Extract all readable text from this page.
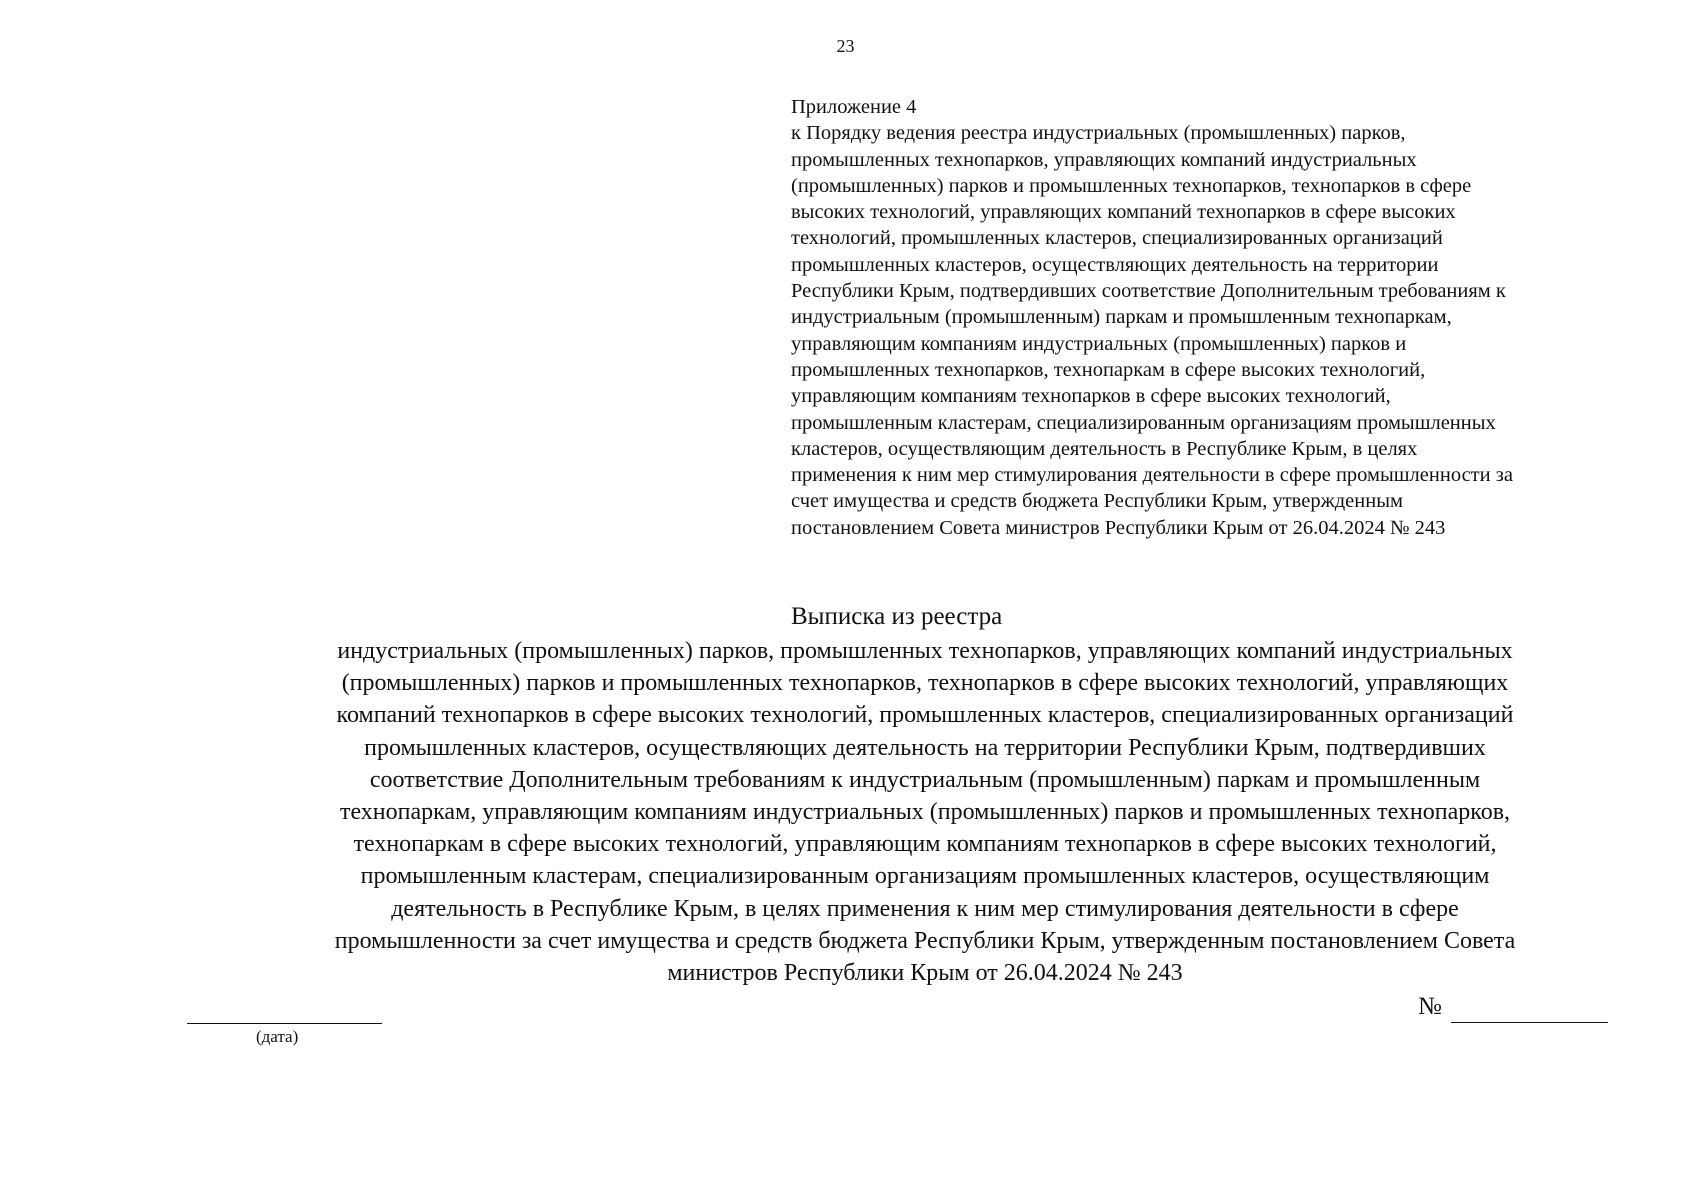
23
Приложение 4
к Порядку ведения реестра индустриальных (промышленных) парков,
промышленных технопарков, управляющих компаний индустриальных
(промышленных) парков и промышленных технопарков, технопарков в сфере
высоких технологий, управляющих компаний технопарков в сфере высоких
технологий, промышленных кластеров, специализированных организаций
промышленных кластеров, осуществляющих деятельность на территории
Республики Крым, подтвердивших соответствие Дополнительным требованиям к
индустриальным (промышленным) паркам и промышленным технопаркам,
управляющим компаниям индустриальных (промышленных) парков и
промышленных технопарков, технопаркам в сфере высоких технологий,
управляющим компаниям технопарков в сфере высоких технологий,
промышленным кластерам, специализированным организациям промышленных
кластеров, осуществляющим деятельность в Республике Крым, в целях
применения к ним мер стимулирования деятельности в сфере промышленности за
счет имущества и средств бюджета Республики Крым, утвержденным
постановлением Совета министров Республики Крым от 26.04.2024 № 243
Выписка из реестра
индустриальных (промышленных) парков, промышленных технопарков, управляющих компаний индустриальных
(промышленных) парков и промышленных технопарков, технопарков в сфере высоких технологий, управляющих
компаний технопарков в сфере высоких технологий, промышленных кластеров, специализированных организаций
промышленных кластеров, осуществляющих деятельность на территории Республики Крым, подтвердивших
соответствие Дополнительным требованиям к индустриальным (промышленным) паркам и промышленным
технопаркам, управляющим компаниям индустриальных (промышленных) парков и промышленных технопарков,
технопаркам в сфере высоких технологий, управляющим компаниям технопарков в сфере высоких технологий,
промышленным кластерам, специализированным организациям промышленных кластеров, осуществляющим
деятельность в Республике Крым, в целях применения к ним мер стимулирования деятельности в сфере
промышленности за счет имущества и средств бюджета Республики Крым, утвержденным постановлением Совета
министров Республики Крым от 26.04.2024 № 243
(дата)
№
